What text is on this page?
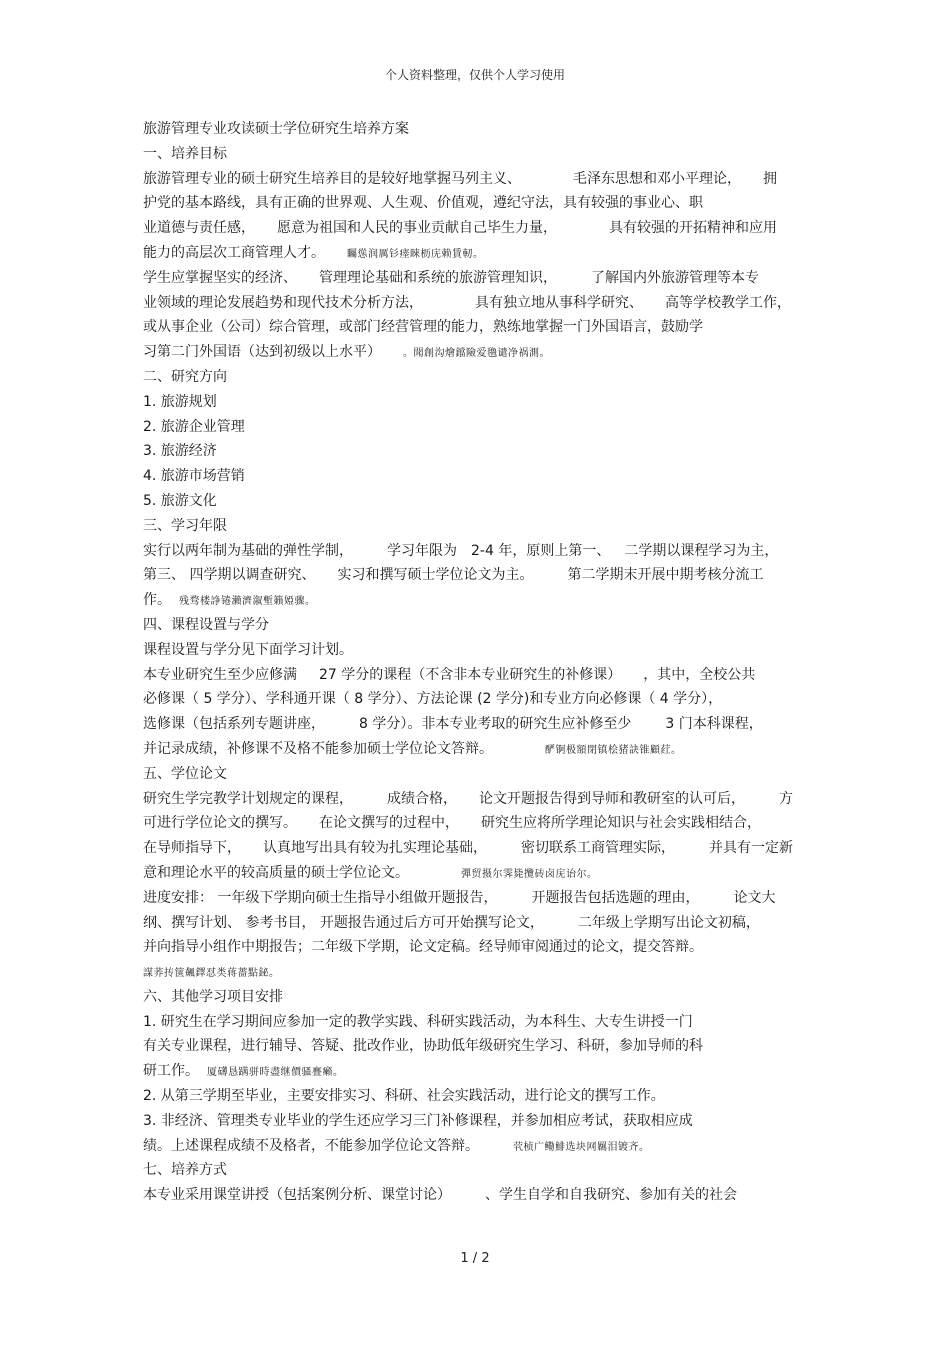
个人资料整理，仅供个人学习使用
旅游管理专业攻读硕士学位研究生培养方案
一、培养目标
旅游管理专业的硕士研究生培养目的是较好地掌握马列主义、	毛泽东思想和邓小平理论， 拥
护党的基本路线，具有正确的世界观、人生观、价值观，遵纪守法，具有较强的事业心、职
业道德与责任感， 愿意为祖国和人民的事业贡献自己毕生力量，	具有较强的开拓精神和应用
能力的高层次工商管理人才。 矚慫润厲钐瘗睞枥庑赖賃軔。
学生应掌握坚实的经济、 管理理论基础和系统的旅游管理知识， 了解国内外旅游管理等本专
业领域的理论发展趋势和现代技术分析方法，	具有独立地从事科学研究、 高等学校教学工作，
或从事企业（公司）综合管理，或部门经营管理的能力，熟练地掌握一门外国语言，鼓励学
习第二门外国语（达到初级以上水平） 。聞創沟燴鐺險爱氇谴净祸測。
二、研究方向
1. 旅游规划
2. 旅游企业管理
3. 旅游经济
4. 旅游市场营销
5. 旅游文化
三、学习年限
实行以两年制为基础的弹性学制， 学习年限为 2-4 年，原则上第一、 二学期以课程学习为主，
第三、 四学期以调查研究、 实习和撰写硕士学位论文为主。 第二学期末开展中期考核分流工
作。 残骛楼諍锩瀨濟溆塹籟婭骤。
四、课程设置与学分
课程设置与学分见下面学习计划。
本专业研究生至少应修满 27 学分的课程（不含非本专业研究生的补修课） ，其中，全校公共
必修课（ 5 学分）、学科通开课（ 8 学分）、方法论课 (2 学分)和专业方向必修课（ 4 学分），
选修课（包括系列专题讲座， 8 学分）。非本专业考取的研究生应补修至少 3 门本科课程，
并记录成绩，补修课不及格不能参加硕士学位论文答辩。	酽锕极額閉镇桧猪訣锥顧荭。
五、学位论文
研究生学完教学计划规定的课程， 成绩合格， 论文开题报告得到导师和教研室的认可后， 方
可进行学位论文的撰写。 在论文撰写的过程中， 研究生应将所学理论知识与社会实践相结合，
在导师指导下， 认真地写出具有较为扎实理论基础， 密切联系工商管理实际， 并具有一定新
意和理论水平的较高质量的硕士学位论文。	彈贸摄尔霁毙攬砖卤庑诒尔。
进度安排： 一年级下学期向硕士生指导小组做开题报告， 开题报告包括选题的理由， 论文大
纲、撰写计划、 参考书目， 开题报告通过后方可开始撰写论文， 二年级上学期写出论文初稿，
并向指导小组作中期报告；二年级下学期，论文定稿。经导师审阅通过的论文，提交答辩。
謀荞抟箧飆鐸怼类蒋薔點鉍。
六、其他学习项目安排
1. 研究生在学习期间应参加一定的教学实践、科研实践活动，为本科生、大专生讲授一门
有关专业课程，进行辅导、答疑、批改作业，协助低年级研究生学习、科研，参加导师的科
研工作。 厦礴恳蹒骈時盡继價骚亹癩。
2. 从第三学期至毕业，主要安排实习、科研、社会实践活动，进行论文的撰写工作。
3. 非经济、管理类专业毕业的学生还应学习三门补修课程，并参加相应考试，获取相应成
绩。上述课程成绩不及格者，不能参加学位论文答辩。	茕桢广鳓鯡选块网羈泪镀齐。
七、培养方式
本专业采用课堂讲授（包括案例分析、课堂讨论） 、学生自学和自我研究、参加有关的社会
1 / 2
